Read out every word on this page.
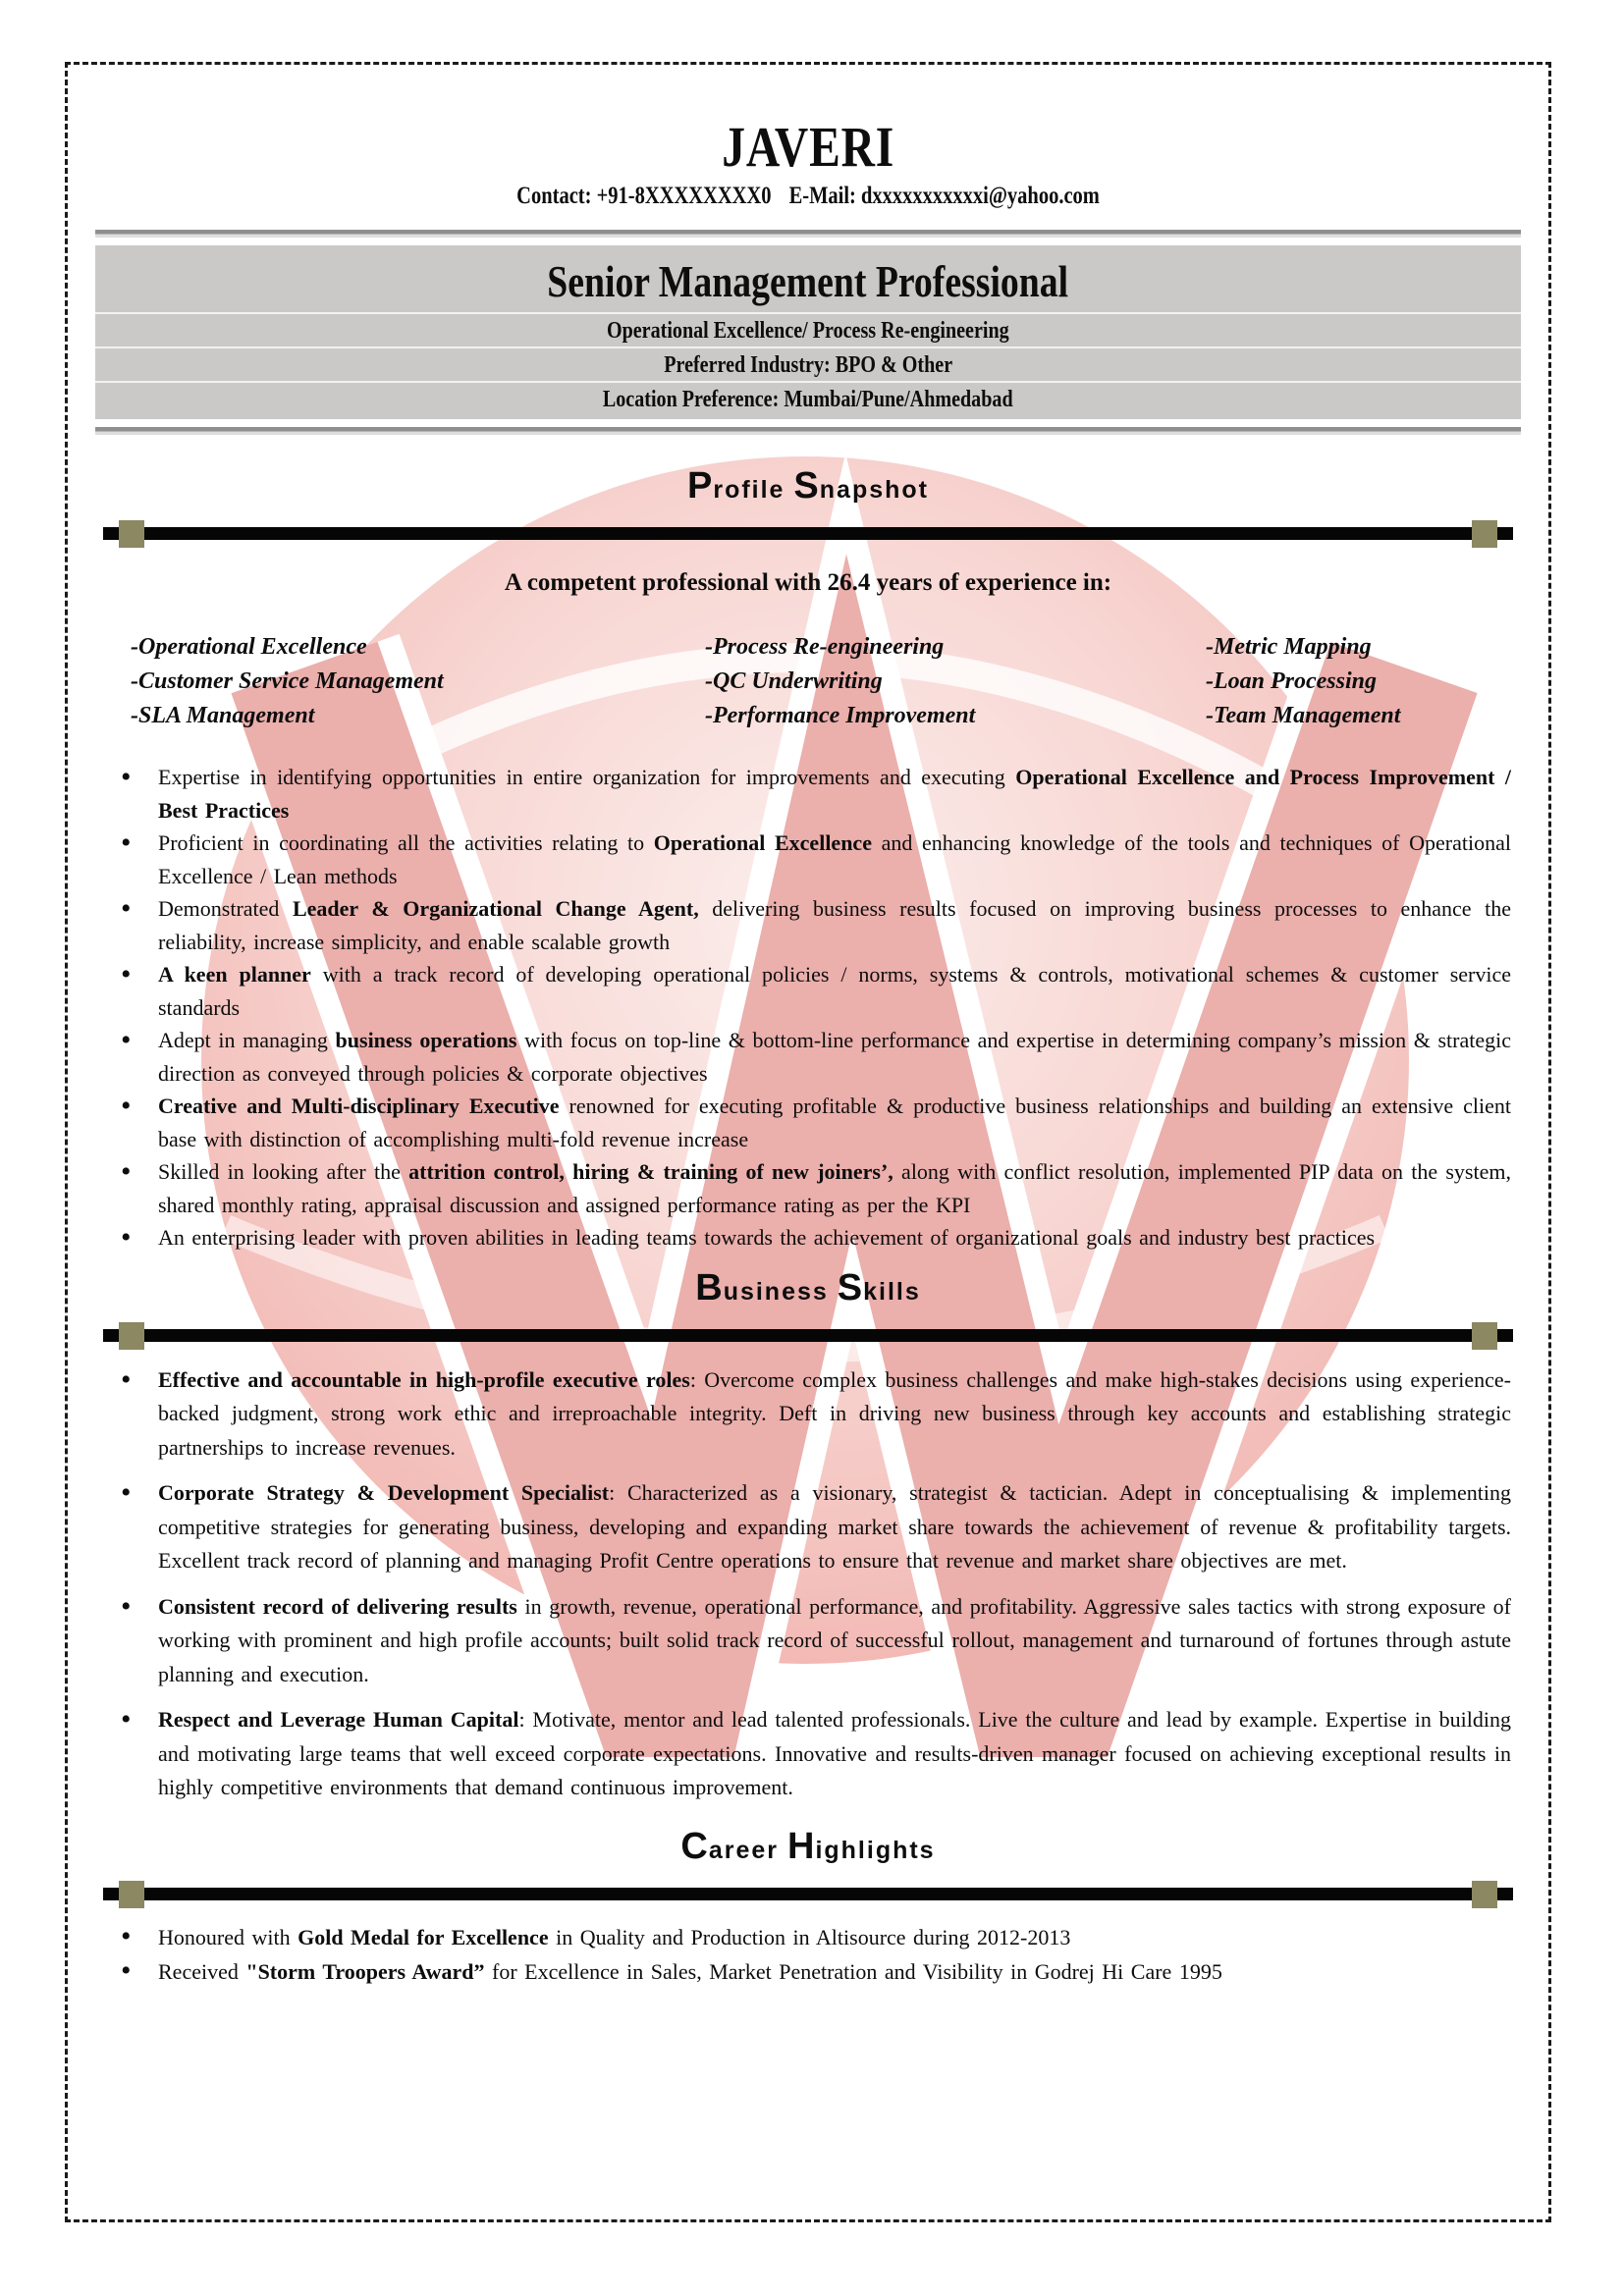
JAVERI
Contact: +91-8XXXXXXXX0 E-Mail: dxxxxxxxxxxxi@yahoo.com
Senior Management Professional
Operational Excellence/ Process Re-engineering
Preferred Industry: BPO & Other
Location Preference: Mumbai/Pune/Ahmedabad
Profile Snapshot

A competent professional with 26.4 years of experience in:

-Operational Excellence
-Customer Service Management
-SLA Management
-Process Re-engineering
-QC Underwriting
-Performance Improvement
-Metric Mapping
-Loan Processing
-Team Management
• Expertise in identifying opportunities in entire organization for improvements and executing Operational Excellence and Process Improvement / Best Practices
• Proficient in coordinating all the activities relating to Operational Excellence and enhancing knowledge of the tools and techniques of Operational Excellence / Lean methods
• Demonstrated Leader & Organizational Change Agent, delivering business results focused on improving business processes to enhance the reliability, increase simplicity, and enable scalable growth
• A keen planner with a track record of developing operational policies / norms, systems & controls, motivational schemes & customer service standards
• Adept in managing business operations with focus on top-line & bottom-line performance and expertise in determining company’s mission & strategic direction as conveyed through policies & corporate objectives
• Creative and Multi-disciplinary Executive renowned for executing profitable & productive business relationships and building an extensive client base with distinction of accomplishing multi-fold revenue increase
• Skilled in looking after the attrition control, hiring & training of new joiners’, along with conflict resolution, implemented PIP data on the system, shared monthly rating, appraisal discussion and assigned performance rating as per the KPI
• An enterprising leader with proven abilities in leading teams towards the achievement of organizational goals and industry best practices
Business Skills
• Effective and accountable in high-profile executive roles: Overcome complex business challenges and make high-stakes decisions using experience-backed judgment, strong work ethic and irreproachable integrity. Deft in driving new business through key accounts and establishing strategic partnerships to increase revenues.
• Corporate Strategy & Development Specialist: Characterized as a visionary, strategist & tactician. Adept in conceptualising & implementing competitive strategies for generating business, developing and expanding market share towards the achievement of revenue & profitability targets. Excellent track record of planning and managing Profit Centre operations to ensure that revenue and market share objectives are met.
• Consistent record of delivering results in growth, revenue, operational performance, and profitability. Aggressive sales tactics with strong exposure of working with prominent and high profile accounts; built solid track record of successful rollout, management and turnaround of fortunes through astute planning and execution.
• Respect and Leverage Human Capital: Motivate, mentor and lead talented professionals. Live the culture and lead by example. Expertise in building and motivating large teams that well exceed corporate expectations. Innovative and results-driven manager focused on achieving exceptional results in highly competitive environments that demand continuous improvement.
Career Highlights
• Honoured with Gold Medal for Excellence in Quality and Production in Altisource during 2012-2013
• Received "Storm Troopers Award” for Excellence in Sales, Market Penetration and Visibility in Godrej Hi Care 1995
